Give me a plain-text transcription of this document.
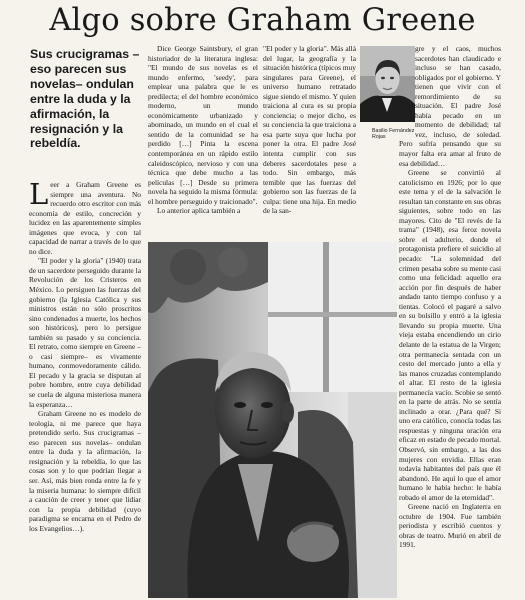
Algo sobre Graham Greene
Sus crucigramas –eso parecen sus novelas– ondulan entre la duda y la afirmación, la resignación y la rebeldía.
Leer a Graham Greene es siempre una aventura. No recuerdo otro escritor con más economía de estilo, concreción y lucidez en las aparentemente simples imágenes que evoca, y con tal capacidad de narrar a través de lo que no dice.
"El poder y la gloria" (1940) trata de un sacerdote perseguido durante la Revolución de los Cristeros en México. Lo persiguen las fuerzas del gobierno (la Iglesia Católica y sus ministros están no sólo proscritos sino condenados a muerte, los hechos son históricos), pero lo persigue también su pasado y su conciencia. El retrato, como siempre en Greene –o casi siempre– es vivamente humano, conmovedoramente cálido. El pecado y la gracia se disputan al pobre hombre, entre cuya debilidad se cuela de alguna misteriosa manera la esperanza…
Graham Greene no es modelo de teología, ni me parece que haya pretendido serlo. Sus crucigramas –eso parecen sus novelas– ondulan entre la duda y la afirmación, la resignación y la rebeldía, lo que las cosas son y lo que podrían llegar a ser. Así, más bien ronda entre la fe y la miseria humana: lo siempre difícil a caución de creer y tener que lidiar con la propia debilidad (cuyo paradigma se encarna en el Pedro de los Evangelios…).
Dice George Saintsbury, el gran historiador de la literatura inglesa: "El mundo de sus novelas es el mundo enfermo, 'seedy', para emplear una palabra que le es predilecta; el del hombre económico moderno, un mundo económicamente urbanizado y abominado, un mundo en el cual el sentido de la comunidad se ha perdido […] Pinta la escena contemporánea en un rápido estilo caleidoscópico, nervioso y con una técnica que debe mucho a las películas […] Desde su primera novela ha seguido la misma fórmula: el hombre perseguido y traicionado".
Lo anterior aplica también a
"El poder y la gloria". Más allá del lugar, la geografía y la situación histórica (típicos muy singulares para Greene), el universo humano retratado sigue siendo el mismo. Y quien traiciona al cura es su propia conciencia; o mejor dicho, es su conciencia la que traiciona a esa parte suya que lucha por poner la otra. El padre José intenta cumplir con sus deberes sacerdotales pese a todo. Sin embargo, más temible que las fuerzas del gobierno son las fuerzas de la culpa: tiene una hija. En medio de la san-
Basilio Fernández Rojas
gre y el caos, muchos sacerdotes han claudicado e incluso se han casado, obligados por el gobierno. Y tienen que vivir con el remordimiento de su situación. El padre José había pecado en un momento de debilidad; tal vez, incluso, de soledad. Pero sufría pensando que su mayor falta era amar al fruto de esa debilidad…
Greene se convirtió al catolicismo en 1926; por lo que este tema y el de la salvación le resultan tan constante en sus obras siguientes, sobre todo en las mayores. Cito de "El revés de la trama" (1948), esa feroz novela sobre el adulterio, donde el protagonista prefiere el suicidio al pecado: "La solemnidad del crimen pesaba sobre su mente casi como una felicidad: aquello era acción por fin después de haber andado tanto tiempo confuso y a tientas. Colocó el pagaré a salvo en su bolsillo y entró a la iglesia llevando su propia muerte. Una vieja estaba encendiendo un cirio delante de la estatua de la Virgen; otra permanecía sentada con un cesto del mercado junto a ella y las manos cruzadas contemplando el altar. El resto de la iglesia permanecía vacío. Scobie se sentó en la parte de atrás. No se sentía inclinado a orar. ¿Para qué? Si uno era católico, conocía todas las respuestas y ninguna oración era eficaz en estado de pecado mortal. Observó, sin embargo, a las dos mujeres con envidia. Ellas eran todavía habitantes del país que él abandonó. He aquí lo que el amor humano le había hecho: le había robado el amor de la eternidad".
Greene nació en Inglaterra en octubre de 1904. Fue también periodista y escribió cuentos y obras de teatro. Murió en abril de 1991.
